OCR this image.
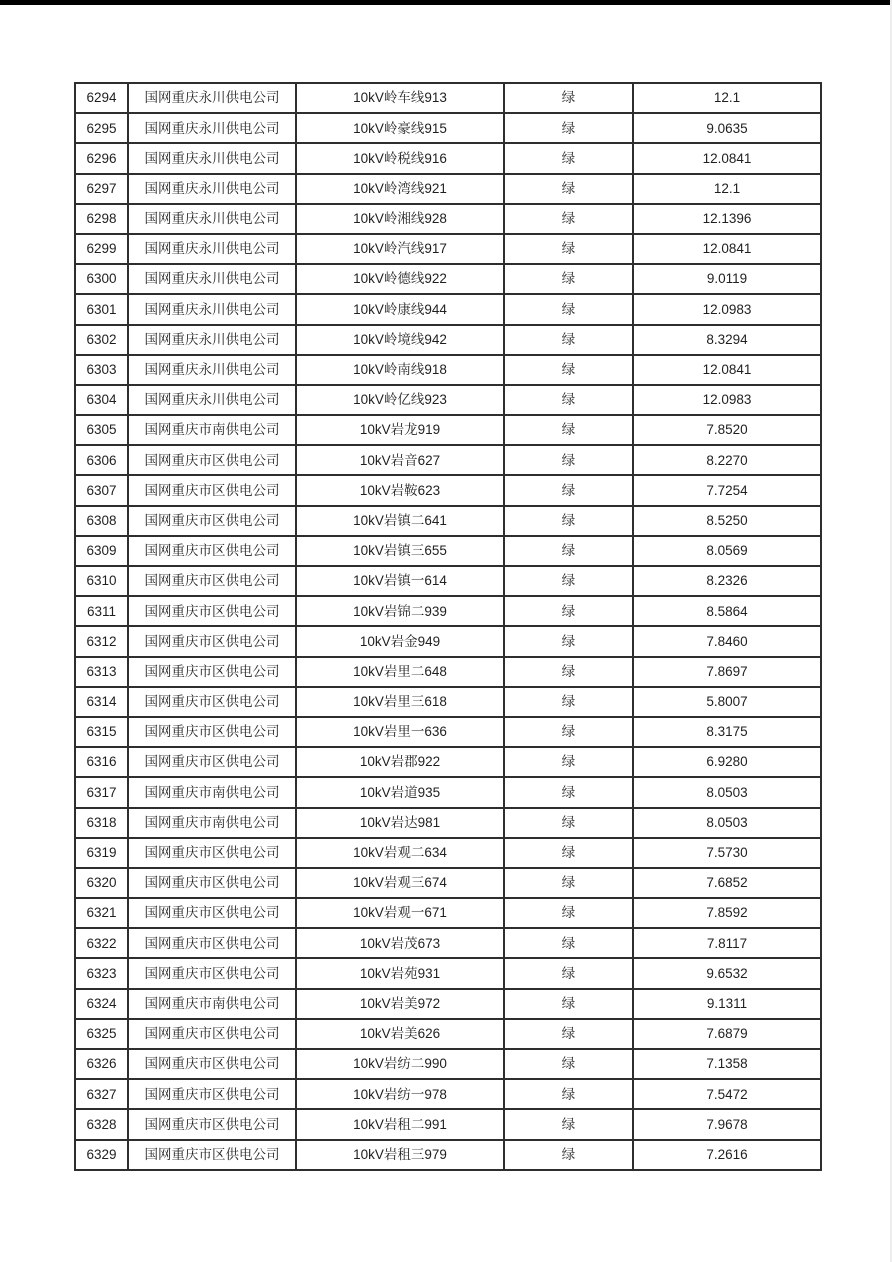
6294	国网重庆永川供电公司	10kV岭车线913	绿	12.1
6295	国网重庆永川供电公司	10kV岭豪线915	绿	9.0635
6296	国网重庆永川供电公司	10kV岭税线916	绿	12.0841
6297	国网重庆永川供电公司	10kV岭湾线921	绿	12.1
6298	国网重庆永川供电公司	10kV岭湘线928	绿	12.1396
6299	国网重庆永川供电公司	10kV岭汽线917	绿	12.0841
6300	国网重庆永川供电公司	10kV岭德线922	绿	9.0119
6301	国网重庆永川供电公司	10kV岭康线944	绿	12.0983
6302	国网重庆永川供电公司	10kV岭境线942	绿	8.3294
6303	国网重庆永川供电公司	10kV岭南线918	绿	12.0841
6304	国网重庆永川供电公司	10kV岭亿线923	绿	12.0983
6305	国网重庆市南供电公司	10kV岩龙919	绿	7.8520
6306	国网重庆市区供电公司	10kV岩音627	绿	8.2270
6307	国网重庆市区供电公司	10kV岩鞍623	绿	7.7254
6308	国网重庆市区供电公司	10kV岩镇二641	绿	8.5250
6309	国网重庆市区供电公司	10kV岩镇三655	绿	8.0569
6310	国网重庆市区供电公司	10kV岩镇一614	绿	8.2326
6311	国网重庆市区供电公司	10kV岩锦二939	绿	8.5864
6312	国网重庆市区供电公司	10kV岩金949	绿	7.8460
6313	国网重庆市区供电公司	10kV岩里二648	绿	7.8697
6314	国网重庆市区供电公司	10kV岩里三618	绿	5.8007
6315	国网重庆市区供电公司	10kV岩里一636	绿	8.3175
6316	国网重庆市区供电公司	10kV岩郡922	绿	6.9280
6317	国网重庆市南供电公司	10kV岩道935	绿	8.0503
6318	国网重庆市南供电公司	10kV岩达981	绿	8.0503
6319	国网重庆市区供电公司	10kV岩观二634	绿	7.5730
6320	国网重庆市区供电公司	10kV岩观三674	绿	7.6852
6321	国网重庆市区供电公司	10kV岩观一671	绿	7.8592
6322	国网重庆市区供电公司	10kV岩茂673	绿	7.8117
6323	国网重庆市区供电公司	10kV岩苑931	绿	9.6532
6324	国网重庆市南供电公司	10kV岩美972	绿	9.1311
6325	国网重庆市区供电公司	10kV岩美626	绿	7.6879
6326	国网重庆市区供电公司	10kV岩纺二990	绿	7.1358
6327	国网重庆市区供电公司	10kV岩纺一978	绿	7.5472
6328	国网重庆市区供电公司	10kV岩租二991	绿	7.9678
6329	国网重庆市区供电公司	10kV岩租三979	绿	7.2616
